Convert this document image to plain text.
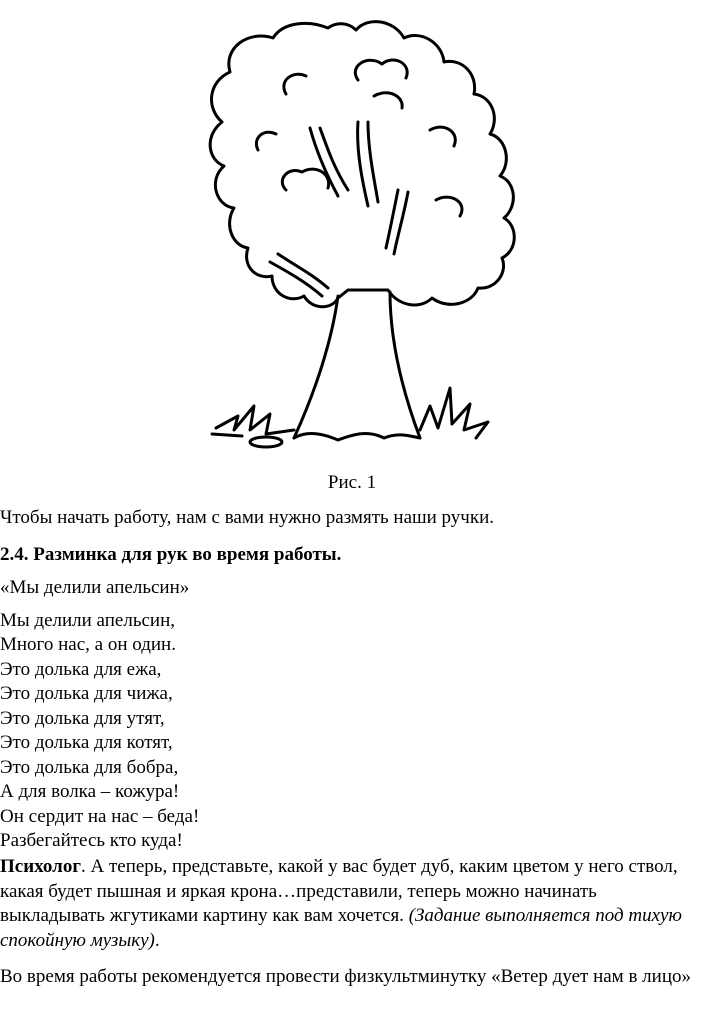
Рис. 1
Чтобы начать работу, нам с вами нужно размять наши ручки.
2.4. Разминка для рук во время работы.
«Мы делили апельсин»
Мы делили апельсин,
Много нас, а он один.
Это долька для ежа,
Это долька для чижа,
Это долька для утят,
Это долька для котят,
Это долька для бобра,
А для волка – кожура!
Он сердит на нас – беда!
Разбегайтесь кто куда!
Психолог. А теперь, представьте, какой у вас будет дуб, каким цветом у него ствол, какая будет пышная и яркая крона…представили, теперь можно начинать выкладывать жгутиками картину как вам хочется. (Задание выполняется под тихую спокойную музыку).
Во время работы рекомендуется провести физкультминутку «Ветер дует нам в лицо»
